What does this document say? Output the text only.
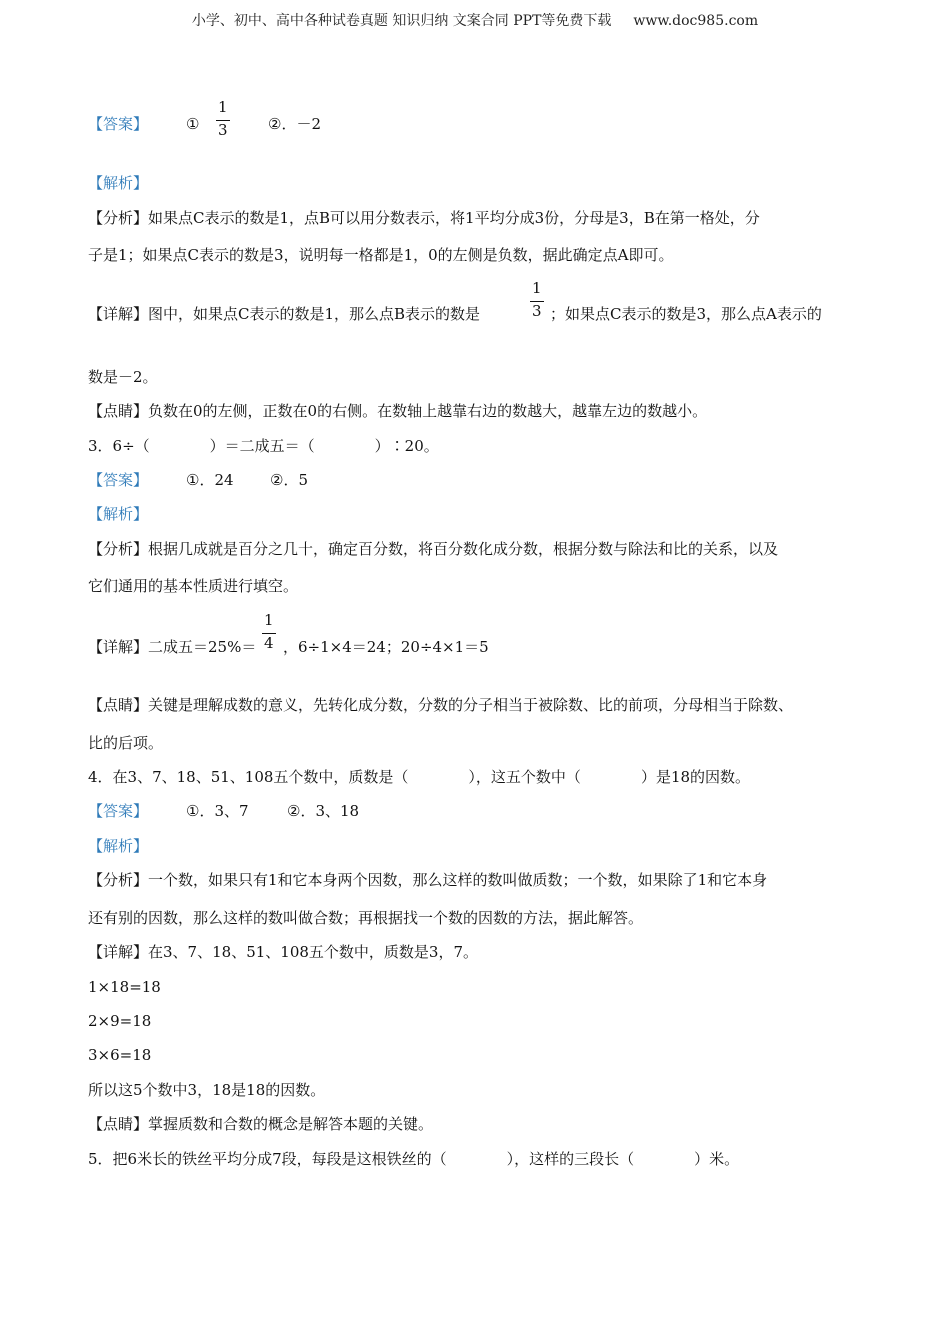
小学、初中、高中各种试卷真题 知识归纳 文案合同 PPT等免费下载 www.doc985.com
【答案】	① $\frac{1}{3}$	②．－2
【解析】
【分析】如果点C表示的数是1，点B可以用分数表示，将1平均分成3份，分母是3，B在第一格处，分
子是1；如果点C表示的数是3，说明每一格都是1，0的左侧是负数，据此确定点A即可。
【详解】图中，如果点C表示的数是1，那么点B表示的数是	$\frac{1}{3}$ ；如果点C表示的数是3，那么点A表示的
数是－2。
【点睛】负数在0的左侧，正数在0的右侧。在数轴上越靠右边的数越大，越靠左边的数越小。
3．6÷（　　　　）＝二成五＝（　　　　）∶20。
【答案】	①．24 ②．5
【解析】
【分析】根据几成就是百分之几十，确定百分数，将百分数化成分数，根据分数与除法和比的关系，以及
它们通用的基本性质进行填空。
【详解】二成五$=25\%= \frac{1}{4}$ ，6÷1×4＝24；20÷4×1＝5
【点睛】关键是理解成数的意义，先转化成分数，分数的分子相当于被除数、比的前项，分母相当于除数、
比的后项。
4．在3、7、18、51、108五个数中，质数是（　　　　），这五个数中（　　　　）是18的因数。
【答案】	①．3、7	②．3、18
【解析】
【分析】一个数，如果只有1和它本身两个因数，那么这样的数叫做质数；一个数，如果除了1和它本身
还有别的因数，那么这样的数叫做合数；再根据找一个数的因数的方法，据此解答。
【详解】在3、7、18、51、108五个数中，质数是3，7。
1×18=18
2×9=18
3×6=18
所以这5个数中3，18是18的因数。
【点睛】掌握质数和合数的概念是解答本题的关键。
5．把6米长的铁丝平均分成7段，每段是这根铁丝的（　　　　），这样的三段长（　　　　）米。
